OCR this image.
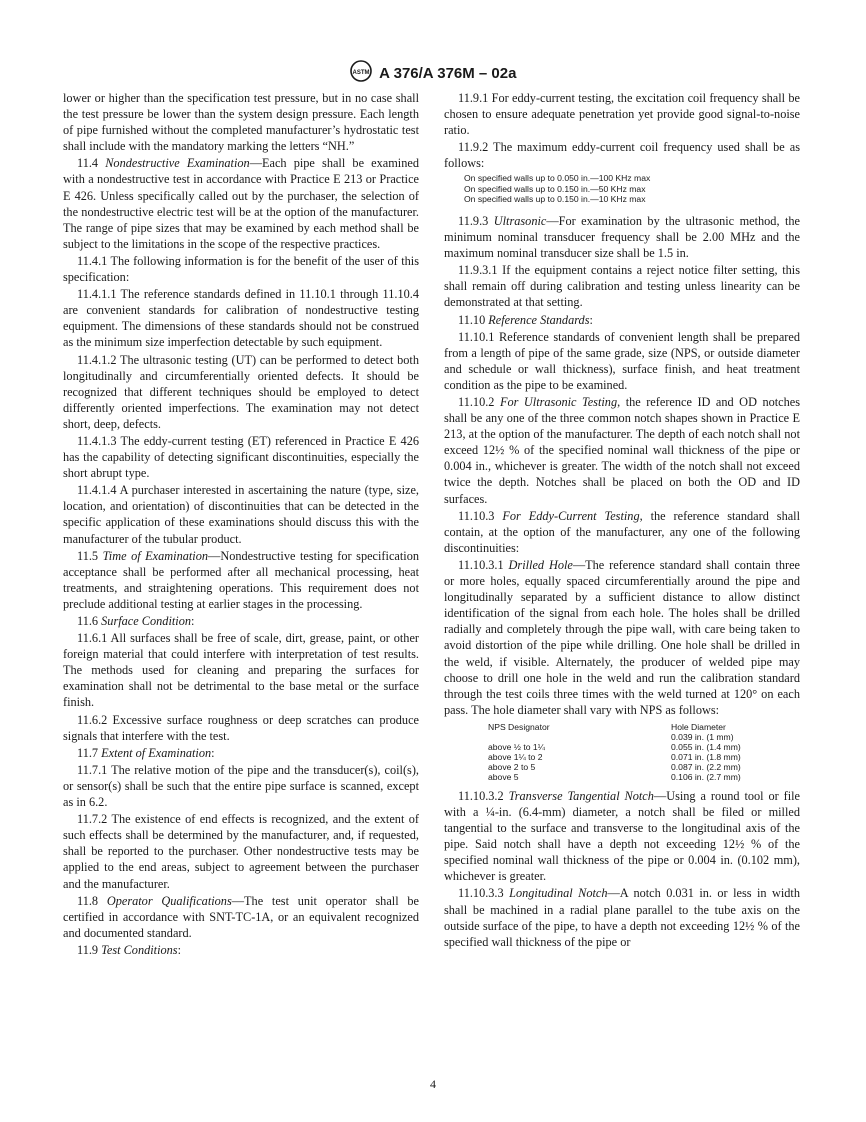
ASTM A 376/A 376M – 02a

lower or higher than the specification test pressure, but in no case shall the test pressure be lower than the system design pressure. Each length of pipe furnished without the completed manufacturer’s hydrostatic test shall include with the mandatory marking the letters “NH.”

11.4 Nondestructive Examination—Each pipe shall be examined with a nondestructive test in accordance with Practice E 213 or Practice E 426. Unless specifically called out by the purchaser, the selection of the nondestructive electric test will be at the option of the manufacturer. The range of pipe sizes that may be examined by each method shall be subject to the limitations in the scope of the respective practices.

11.4.1 The following information is for the benefit of the user of this specification:

11.4.1.1 The reference standards defined in 11.10.1 through 11.10.4 are convenient standards for calibration of nondestructive testing equipment. The dimensions of these standards should not be construed as the minimum size imperfection detectable by such equipment.

11.4.1.2 The ultrasonic testing (UT) can be performed to detect both longitudinally and circumferentially oriented defects. It should be recognized that different techniques should be employed to detect differently oriented imperfections. The examination may not detect short, deep, defects.

11.4.1.3 The eddy-current testing (ET) referenced in Practice E 426 has the capability of detecting significant discontinuities, especially the short abrupt type.

11.4.1.4 A purchaser interested in ascertaining the nature (type, size, location, and orientation) of discontinuities that can be detected in the specific application of these examinations should discuss this with the manufacturer of the tubular product.

11.5 Time of Examination—Nondestructive testing for specification acceptance shall be performed after all mechanical processing, heat treatments, and straightening operations. This requirement does not preclude additional testing at earlier stages in the processing.

11.6 Surface Condition:

11.6.1 All surfaces shall be free of scale, dirt, grease, paint, or other foreign material that could interfere with interpretation of test results. The methods used for cleaning and preparing the surfaces for examination shall not be detrimental to the base metal or the surface finish.

11.6.2 Excessive surface roughness or deep scratches can produce signals that interfere with the test.

11.7 Extent of Examination:

11.7.1 The relative motion of the pipe and the transducer(s), coil(s), or sensor(s) shall be such that the entire pipe surface is scanned, except as in 6.2.

11.7.2 The existence of end effects is recognized, and the extent of such effects shall be determined by the manufacturer, and, if requested, shall be reported to the purchaser. Other nondestructive tests may be applied to the end areas, subject to agreement between the purchaser and the manufacturer.

11.8 Operator Qualifications—The test unit operator shall be certified in accordance with SNT-TC-1A, or an equivalent recognized and documented standard.

11.9 Test Conditions:

11.9.1 For eddy-current testing, the excitation coil frequency shall be chosen to ensure adequate penetration yet provide good signal-to-noise ratio.

11.9.2 The maximum eddy-current coil frequency used shall be as follows:

On specified walls up to 0.050 in.—100 KHz max
On specified walls up to 0.150 in.—50 KHz max
On specified walls up to 0.150 in.—10 KHz max

11.9.3 Ultrasonic—For examination by the ultrasonic method, the minimum nominal transducer frequency shall be 2.00 MHz and the maximum nominal transducer size shall be 1.5 in.

11.9.3.1 If the equipment contains a reject notice filter setting, this shall remain off during calibration and testing unless linearity can be demonstrated at that setting.

11.10 Reference Standards:

11.10.1 Reference standards of convenient length shall be prepared from a length of pipe of the same grade, size (NPS, or outside diameter and schedule or wall thickness), surface finish, and heat treatment condition as the pipe to be examined.

11.10.2 For Ultrasonic Testing, the reference ID and OD notches shall be any one of the three common notch shapes shown in Practice E 213, at the option of the manufacturer. The depth of each notch shall not exceed 12½ % of the specified nominal wall thickness of the pipe or 0.004 in., whichever is greater. The width of the notch shall not exceed twice the depth. Notches shall be placed on both the OD and ID surfaces.

11.10.3 For Eddy-Current Testing, the reference standard shall contain, at the option of the manufacturer, any one of the following discontinuities:

11.10.3.1 Drilled Hole—The reference standard shall contain three or more holes, equally spaced circumferentially around the pipe and longitudinally separated by a sufficient distance to allow distinct identification of the signal from each hole. The holes shall be drilled radially and completely through the pipe wall, with care being taken to avoid distortion of the pipe while drilling. One hole shall be drilled in the weld, if visible. Alternately, the producer of welded pipe may choose to drill one hole in the weld and run the calibration standard through the test coils three times with the weld turned at 120° on each pass. The hole diameter shall vary with NPS as follows:

NPS Designator	Hole Diameter
	0.039 in. (1 mm)
above ½ to 1¼	0.055 in. (1.4 mm)
above 1¼ to 2	0.071 in. (1.8 mm)
above 2 to 5	0.087 in. (2.2 mm)
above 5	0.106 in. (2.7 mm)

11.10.3.2 Transverse Tangential Notch—Using a round tool or file with a ¼-in. (6.4-mm) diameter, a notch shall be filed or milled tangential to the surface and transverse to the longitudinal axis of the pipe. Said notch shall have a depth not exceeding 12½ % of the specified nominal wall thickness of the pipe or 0.004 in. (0.102 mm), whichever is greater.

11.10.3.3 Longitudinal Notch—A notch 0.031 in. or less in width shall be machined in a radial plane parallel to the tube axis on the outside surface of the pipe, to have a depth not exceeding 12½ % of the specified wall thickness of the pipe or

4
